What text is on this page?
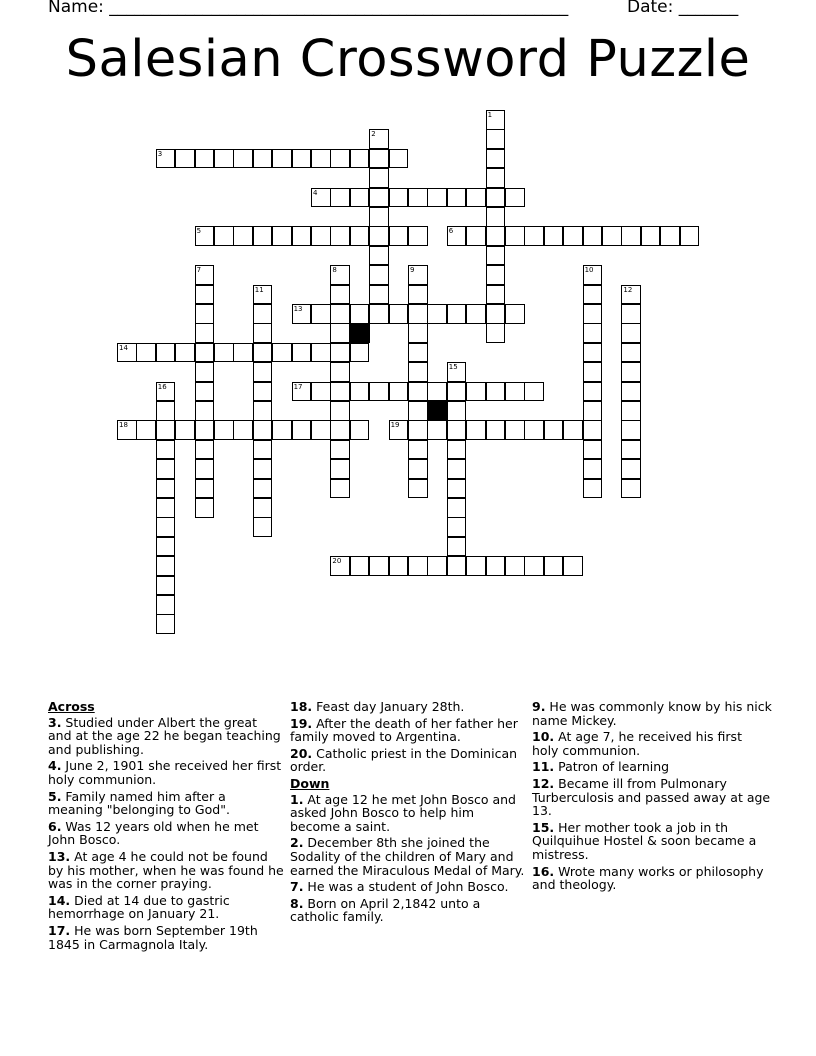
Name: ______________________________________________________	Date: _______
Salesian Crossword Puzzle
1
2
3
4
5	6
7	8	9	10
11	12
13
14
15
16	17
18	19
20
Across
3. Studied under Albert the great and at the age 22 he began teaching and publishing.
4. June 2, 1901 she received her first holy communion.
5. Family named him after a meaning "belonging to God".
6. Was 12 years old when he met John Bosco.
13. At age 4 he could not be found by his mother, when he was found he was in the corner praying.
14. Died at 14 due to gastric hemorrhage on January 21.
17. He was born September 19th 1845 in Carmagnola Italy.
18. Feast day January 28th.
19. After the death of her father her family moved to Argentina.
20. Catholic priest in the Dominican order.
Down
1. At age 12 he met John Bosco and asked John Bosco to help him become a saint.
2. December 8th she joined the Sodality of the children of Mary and earned the Miraculous Medal of Mary.
7. He was a student of John Bosco.
8. Born on April 2,1842 unto a catholic family.
9. He was commonly know by his nick name Mickey.
10. At age 7, he received his first holy communion.
11. Patron of learning
12. Became ill from Pulmonary Turberculosis and passed away at age 13.
15. Her mother took a job in th Quilquihue Hostel & soon became a mistress.
16. Wrote many works or philosophy and theology.
